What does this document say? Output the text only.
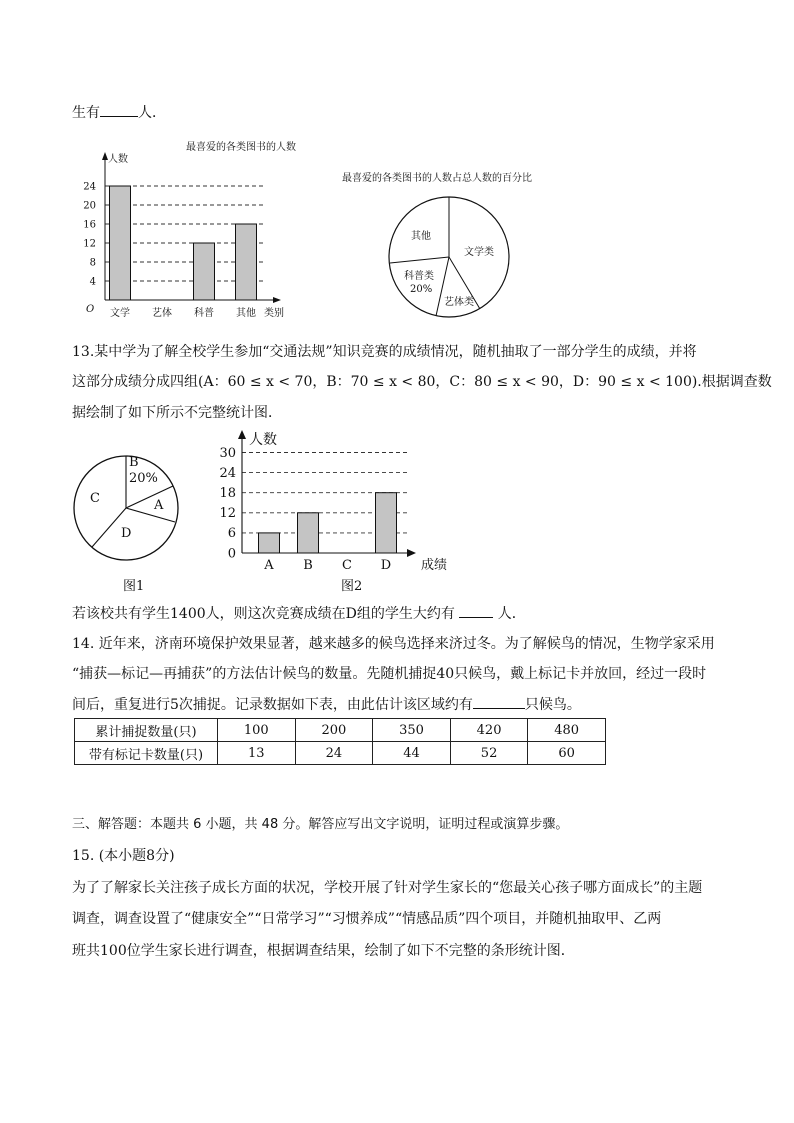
生有	人．
最喜爱的各类图书的人数
人数
4
8
12
16
20
24
文学 艺体 科普 其他
O	类别
最喜爱的各类图书的人数占总人数的百分比
其他
文学类
科普类
20%
艺体类
13.某中学为了解全校学生参加“交通法规”知识竞赛的成绩情况，随机抽取了一部分学生的成绩，并将
这部分成绩分成四组(A：60 ≤ x < 70，B：70 ≤ x < 80，C：80 ≤ x < 90，D：90 ≤ x < 100).根据调查数
据绘制了如下所示不完整统计图．
B
20%
A
C
D
图1
人数
0
6
12
18
24
30
A B C D 成绩
图2
若该校共有学生1400人，则这次竞赛成绩在D组的学生大约有	人．
14. 近年来，济南环境保护效果显著，越来越多的候鸟选择来济过冬。为了解候鸟的情况，生物学家采用
“捕获—标记—再捕获”的方法估计候鸟的数量。先随机捕捉40只候鸟，戴上标记卡并放回，经过一段时
间后，重复进行5次捕捉。记录数据如下表，由此估计该区域约有	只候鸟。
累计捕捉数量(只)	100	200	350	420	480
带有标记卡数量(只)	13	24	44	52	60
三、解答题：本题共 6 小题，共 48 分。解答应写出文字说明，证明过程或演算步骤。
15. (本小题8分)
为了了解家长关注孩子成长方面的状况，学校开展了针对学生家长的“您最关心孩子哪方面成长”的主题
调查，调查设置了“健康安全”“日常学习”“习惯养成”“情感品质”四个项目，并随机抽取甲、乙两
班共100位学生家长进行调查，根据调查结果，绘制了如下不完整的条形统计图．
